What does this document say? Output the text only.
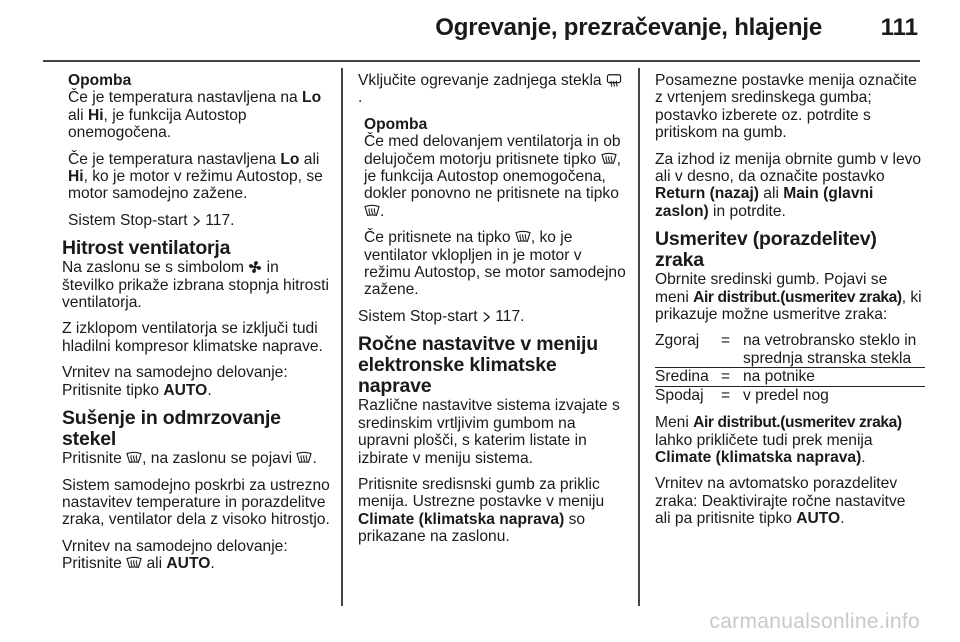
Ogrevanje, prezračevanje, hlajenje 111

Opomba

Če je temperatura nastavljena na Lo ali Hi, je funkcija Autostop onemogočena.

Če je temperatura nastavljena Lo ali Hi, ko je motor v režimu Autostop, se motor samodejno zažene.

Sistem Stop-start  117.

Hitrost ventilatorja

Na zaslonu se s simbolom  in številko prikaže izbrana stopnja hitrosti ventilatorja.

Z izklopom ventilatorja se izključi tudi hladilni kompresor klimatske naprave.

Vrnitev na samodejno delovanje: Pritisnite tipko AUTO.

Sušenje in odmrzovanje stekel

Pritisnite , na zaslonu se pojavi .

Sistem samodejno poskrbi za ustrezno nastavitev temperature in porazdelitve zraka, ventilator dela z visoko hitrostjo.

Vrnitev na samodejno delovanje: Pritisnite  ali AUTO.

Vključite ogrevanje zadnjega stekla .

Opomba

Če med delovanjem ventilatorja in ob delujočem motorju pritisnete tipko , je funkcija Autostop onemogočena, dokler ponovno ne pritisnete na tipko .

Če pritisnete na tipko , ko je ventilator vklopljen in je motor v režimu Autostop, se motor samodejno zažene.

Sistem Stop-start  117.

Ročne nastavitve v meniju elektronske klimatske naprave

Različne nastavitve sistema izvajate s sredinskim vrtljivim gumbom na upravni plošči, s katerim listate in izbirate v meniju sistema.

Pritisnite sredisnski gumb za priklic menija. Ustrezne postavke v meniju Climate (klimatska naprava) so prikazane na zaslonu.

Posamezne postavke menija označite z vrtenjem sredinskega gumba; postavko izberete oz. potrdite s pritiskom na gumb.

Za izhod iz menija obrnite gumb v levo ali v desno, da označite postavko Return (nazaj) ali Main (glavni zaslon) in potrdite.

Usmeritev (porazdelitev) zraka

Obrnite sredinski gumb. Pojavi se meni Air distribut.(usmeritev zraka), ki prikazuje možne usmeritve zraka:

Zgoraj	=	na vetrobransko steklo in sprednja stranska stekla
Sredina	=	na potnike
Spodaj	=	v predel nog

Meni Air distribut.(usmeritev zraka) lahko prikličete tudi prek menija Climate (klimatska naprava).

Vrnitev na avtomatsko porazdelitev zraka: Deaktivirajte ročne nastavitve ali pa pritisnite tipko AUTO.

carmanualsonline.info
